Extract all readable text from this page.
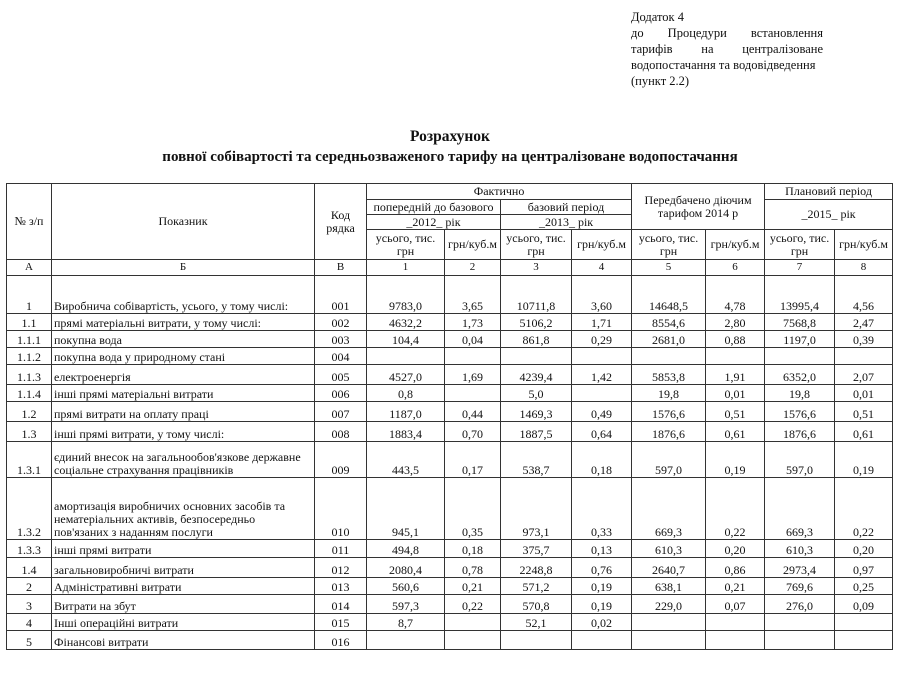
Додаток 4
до Процедури встановлення
тарифів на централізоване
водопостачання та водовідведення
(пункт 2.2)
Розрахунок
повної собівартості та середньозваженого тарифу на централізоване водопостачання
№ з/п	Показник	Код рядка	Фактично				Передбачено діючим тарифом 2014 р		Плановий період	
			попередній до базового		базовий період				_2015_ рік	
			_2012_ рік		_2013_ рік					
			усього, тис. грн	грн/куб.м	усього, тис. грн	грн/куб.м	усього, тис. грн	грн/куб.м	усього, тис. грн	грн/куб.м
А	Б	В	1	2	3	4	5	6	7	8
1	Виробнича собівартість, усього, у тому числі:	001	9783,0	3,65	10711,8	3,60	14648,5	4,78	13995,4	4,56
1.1	прямі матеріальні витрати, у тому числі:	002	4632,2	1,73	5106,2	1,71	8554,6	2,80	7568,8	2,47
1.1.1	покупна вода	003	104,4	0,04	861,8	0,29	2681,0	0,88	1197,0	0,39
1.1.2	покупна вода у природному стані	004								
1.1.3	електроенергія	005	4527,0	1,69	4239,4	1,42	5853,8	1,91	6352,0	2,07
1.1.4	інші прямі матеріальні витрати	006	0,8		5,0		19,8	0,01	19,8	0,01
1.2	прямі витрати на оплату праці	007	1187,0	0,44	1469,3	0,49	1576,6	0,51	1576,6	0,51
1.3	інші прямі витрати, у тому числі:	008	1883,4	0,70	1887,5	0,64	1876,6	0,61	1876,6	0,61
1.3.1	єдиний внесок на загальнообов'язкове державне соціальне страхування працівників	009	443,5	0,17	538,7	0,18	597,0	0,19	597,0	0,19
1.3.2	амортизація виробничих основних засобів та нематеріальних активів, безпосередньо пов'язаних з наданням послуги	010	945,1	0,35	973,1	0,33	669,3	0,22	669,3	0,22
1.3.3	інші прямі витрати	011	494,8	0,18	375,7	0,13	610,3	0,20	610,3	0,20
1.4	загальновиробничі витрати	012	2080,4	0,78	2248,8	0,76	2640,7	0,86	2973,4	0,97
2	Адміністративні витрати	013	560,6	0,21	571,2	0,19	638,1	0,21	769,6	0,25
3	Витрати на збут	014	597,3	0,22	570,8	0,19	229,0	0,07	276,0	0,09
4	Інші операційні витрати	015	8,7		52,1	0,02				
5	Фінансові витрати	016								
